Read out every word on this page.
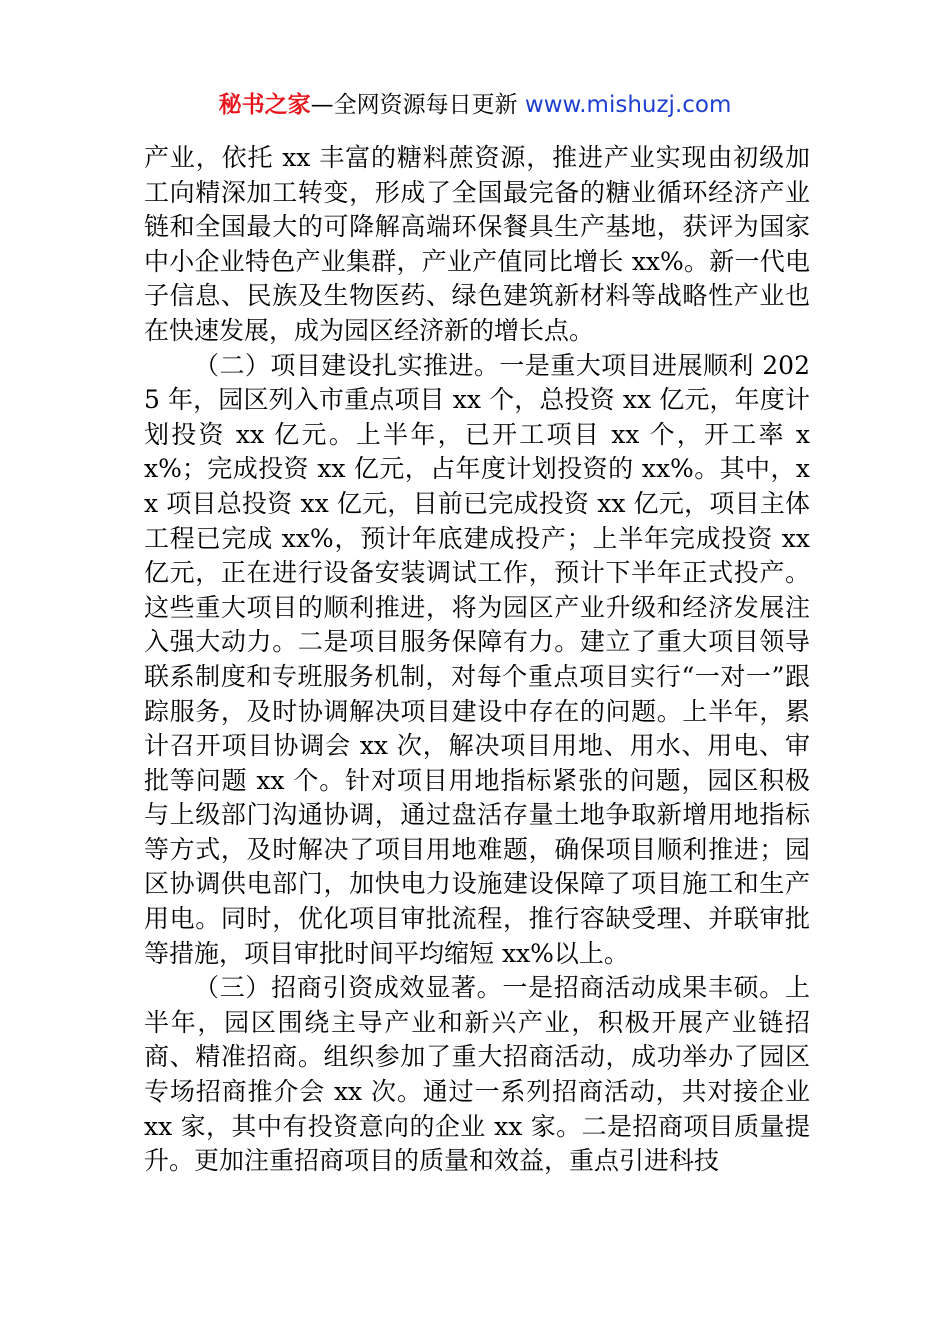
秘书之家—全网资源每日更新 www.mishuzj.com

产业，依托 xx 丰富的糖料蔗资源，推进产业实现由初级加工向精深加工转变，形成了全国最完备的糖业循环经济产业链和全国最大的可降解高端环保餐具生产基地，获评为国家中小企业特色产业集群，产业产值同比增长 xx%。新一代电子信息、民族及生物医药、绿色建筑新材料等战略性产业也在快速发展，成为园区经济新的增长点。

（二）项目建设扎实推进。一是重大项目进展顺利 2025 年，园区列入市重点项目 xx 个，总投资 xx 亿元，年度计划投资 xx 亿元。上半年，已开工项目 xx 个，开工率 xx%；完成投资 xx 亿元，占年度计划投资的 xx%。其中，xx 项目总投资 xx 亿元，目前已完成投资 xx 亿元，项目主体工程已完成 xx%，预计年底建成投产；上半年完成投资 xx 亿元，正在进行设备安装调试工作，预计下半年正式投产。这些重大项目的顺利推进，将为园区产业升级和经济发展注入强大动力。二是项目服务保障有力。建立了重大项目领导联系制度和专班服务机制，对每个重点项目实行“一对一”跟踪服务，及时协调解决项目建设中存在的问题。上半年，累计召开项目协调会 xx 次，解决项目用地、用水、用电、审批等问题 xx 个。针对项目用地指标紧张的问题，园区积极与上级部门沟通协调，通过盘活存量土地争取新增用地指标等方式，及时解决了项目用地难题，确保项目顺利推进；园区协调供电部门，加快电力设施建设保障了项目施工和生产用电。同时，优化项目审批流程，推行容缺受理、并联审批等措施，项目审批时间平均缩短 xx%以上。

（三）招商引资成效显著。一是招商活动成果丰硕。上半年，园区围绕主导产业和新兴产业，积极开展产业链招商、精准招商。组织参加了重大招商活动，成功举办了园区专场招商推介会 xx 次。通过一系列招商活动，共对接企业 xx 家，其中有投资意向的企业 xx 家。二是招商项目质量提升。更加注重招商项目的质量和效益，重点引进科技
